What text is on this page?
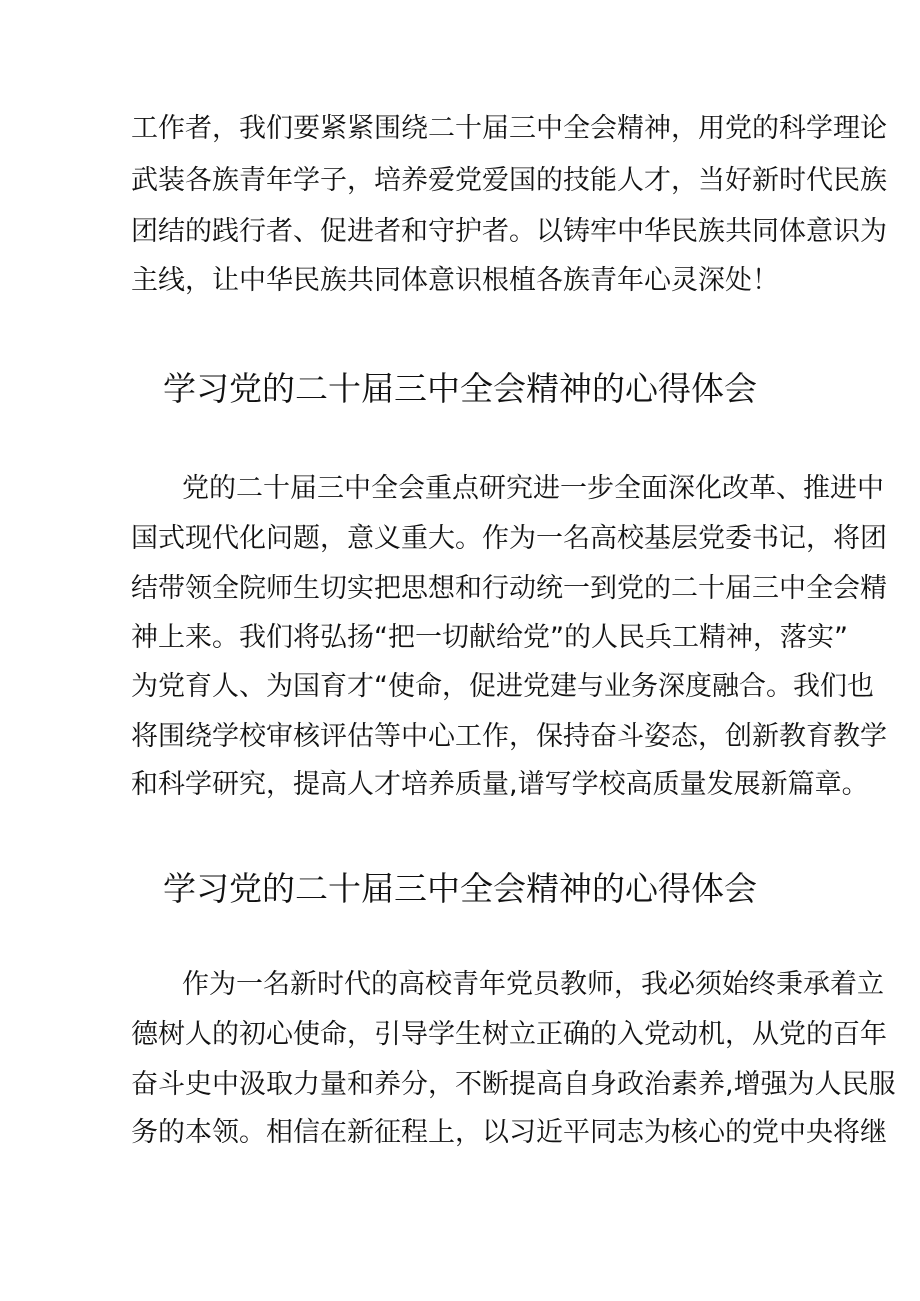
工作者，我们要紧紧围绕二十届三中全会精神，用党的科学理论
武装各族青年学子，培养爱党爱国的技能人才，当好新时代民族
团结的践行者、促进者和守护者。以铸牢中华民族共同体意识为
主线，让中华民族共同体意识根植各族青年心灵深处！
学习党的二十届三中全会精神的心得体会
党的二十届三中全会重点研究进一步全面深化改革、推进中
国式现代化问题，意义重大。作为一名高校基层党委书记，将团
结带领全院师生切实把思想和行动统一到党的二十届三中全会精
神上来。我们将弘扬“把一切献给党”的人民兵工精神，落实”
为党育人、为国育才“使命，促进党建与业务深度融合。我们也
将围绕学校审核评估等中心工作，保持奋斗姿态，创新教育教学
和科学研究，提高人才培养质量,谱写学校高质量发展新篇章。
学习党的二十届三中全会精神的心得体会
作为一名新时代的高校青年党员教师，我必须始终秉承着立
德树人的初心使命，引导学生树立正确的入党动机，从党的百年
奋斗史中汲取力量和养分，不断提高自身政治素养,增强为人民服
务的本领。相信在新征程上，以习近平同志为核心的党中央将继
